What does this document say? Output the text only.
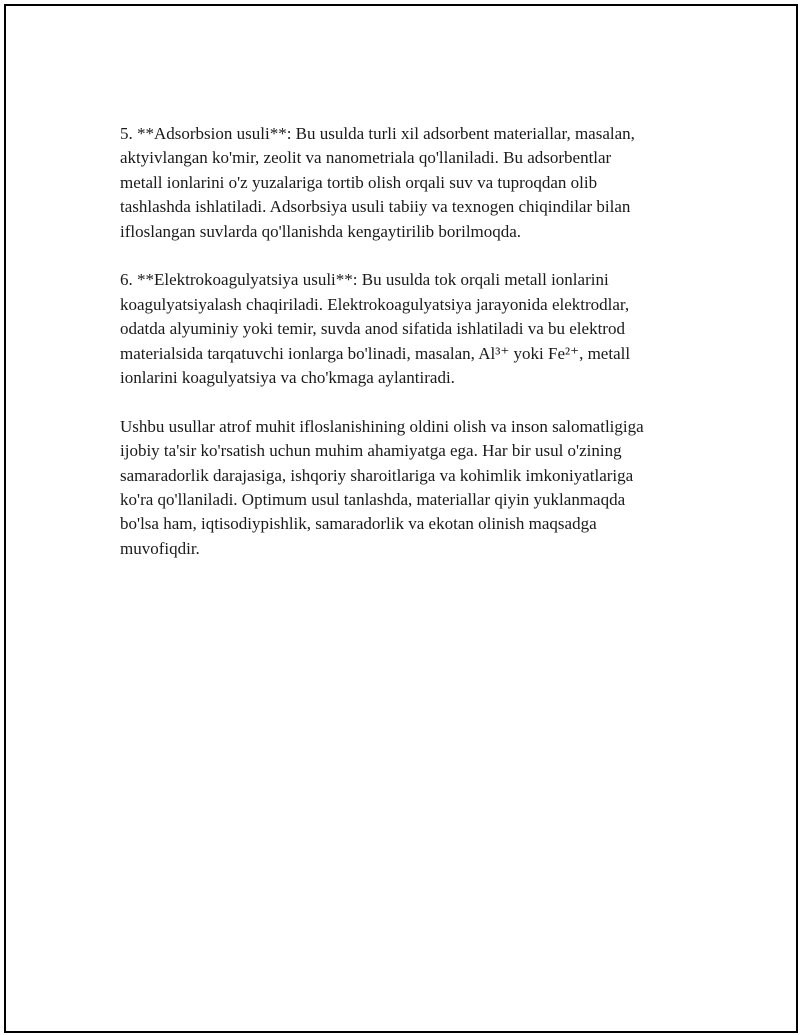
5. **Adsorbsion usuli**: Bu usulda turli xil adsorbent materiallar, masalan,
aktyivlangan ko'mir, zeolit va nanometriala qo'llaniladi. Bu adsorbentlar
metall ionlarini o'z yuzalariga tortib olish orqali suv va tuproqdan olib
tashlashda ishlatiladi. Adsorbsiya usuli tabiiy va texnogen chiqindilar bilan
ifloslangan suvlarda qo'llanishda kengaytirilib borilmoqda.

6. **Elektrokoagulyatsiya usuli**: Bu usulda tok orqali metall ionlarini
koagulyatsiyalash chaqiriladi. Elektrokoagulyatsiya jarayonida elektrodlar,
odatda alyuminiy yoki temir, suvda anod sifatida ishlatiladi va bu elektrod
materialsida tarqatuvchi ionlarga bo'linadi, masalan, Al³⁺ yoki Fe²⁺, metall
ionlarini koagulyatsiya va cho'kmaga aylantiradi.

Ushbu usullar atrof muhit ifloslanishining oldini olish va inson salomatligiga
ijobiy ta'sir ko'rsatish uchun muhim ahamiyatga ega. Har bir usul o'zining
samaradorlik darajasiga, ishqoriy sharoitlariga va kohimlik imkoniyatlariga
ko'ra qo'llaniladi. Optimum usul tanlashda, materiallar qiyin yuklanmaqda
bo'lsa ham, iqtisodiypishlik, samaradorlik va ekotan olinish maqsadga
muvofiqdir.
